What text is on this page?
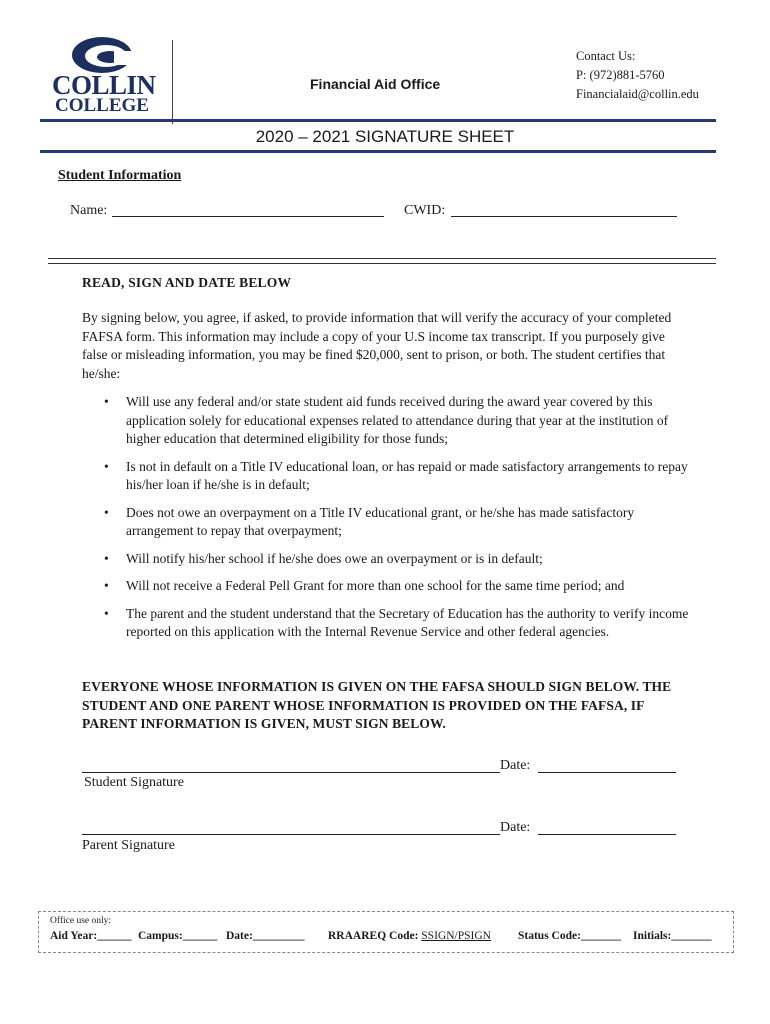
COLLIN
COLLEGE
Financial Aid Office
Contact Us:
P: (972)881-5760
Financialaid@collin.edu
2020 – 2021 SIGNATURE SHEET
Student Information
Name:	CWID:
READ, SIGN AND DATE BELOW
By signing below, you agree, if asked, to provide information that will verify the accuracy of your completed FAFSA form. This information may include a copy of your U.S income tax transcript. If you purposely give false or misleading information, you may be fined $20,000, sent to prison, or both. The student certifies that he/she:
• Will use any federal and/or state student aid funds received during the award year covered by this application solely for educational expenses related to attendance during that year at the institution of higher education that determined eligibility for those funds;
• Is not in default on a Title IV educational loan, or has repaid or made satisfactory arrangements to repay his/her loan if he/she is in default;
• Does not owe an overpayment on a Title IV educational grant, or he/she has made satisfactory arrangement to repay that overpayment;
• Will notify his/her school if he/she does owe an overpayment or is in default;
• Will not receive a Federal Pell Grant for more than one school for the same time period; and
• The parent and the student understand that the Secretary of Education has the authority to verify income reported on this application with the Internal Revenue Service and other federal agencies.
EVERYONE WHOSE INFORMATION IS GIVEN ON THE FAFSA SHOULD SIGN BELOW. THE STUDENT AND ONE PARENT WHOSE INFORMATION IS PROVIDED ON THE FAFSA, IF PARENT INFORMATION IS GIVEN, MUST SIGN BELOW.
Date:
Student Signature
Date:
Parent Signature
Office use only:
Aid Year:______ Campus:______ Date:_________ RRAAREQ Code: SSIGN/PSIGN Status Code:_______ Initials:_______
